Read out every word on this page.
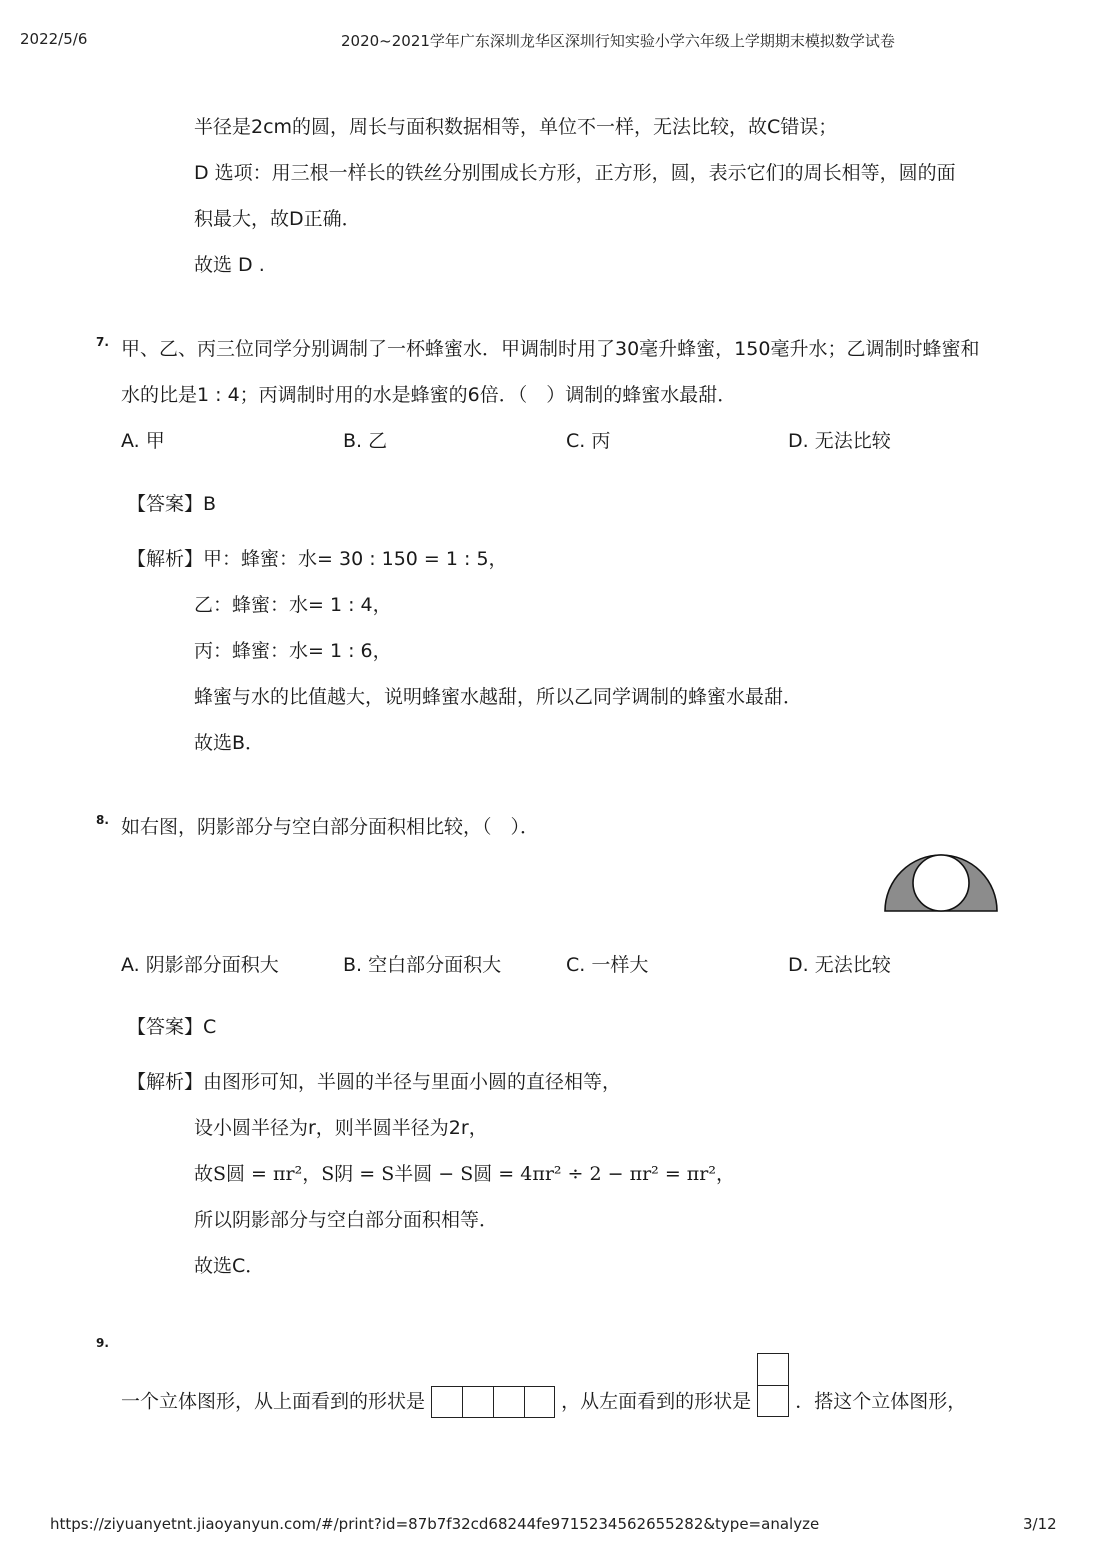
2022/5/6	2020~2021学年广东深圳龙华区深圳行知实验小学六年级上学期期末模拟数学试卷
半径是2cm的圆，周长与面积数据相等，单位不一样，无法比较，故C错误；
D 选项：用三根一样长的铁丝分别围成长方形，正方形，圆，表示它们的周长相等，圆的面
积最大，故D正确．
故选 D .
7. 甲、乙、丙三位同学分别调制了一杯蜂蜜水．甲调制时用了30毫升蜂蜜，150毫升水；乙调制时蜂蜜和
水的比是1 : 4；丙调制时用的水是蜂蜜的6倍．（　）调制的蜂蜜水最甜．
A. 甲	B. 乙	C. 丙	D. 无法比较
【答案】B
【解析】甲：蜂蜜：水= 30 : 150 = 1 : 5，
乙：蜂蜜：水= 1 : 4，
丙：蜂蜜：水= 1 : 6，
蜂蜜与水的比值越大，说明蜂蜜水越甜，所以乙同学调制的蜂蜜水最甜．
故选B．
8. 如右图，阴影部分与空白部分面积相比较，（　）．
A. 阴影部分面积大	B. 空白部分面积大	C. 一样大	D. 无法比较
【答案】C
【解析】由图形可知，半圆的半径与里面小圆的直径相等，
设小圆半径为r，则半圆半径为2r，
故S圆 = πr²，S阴 = S半圆 − S圆 = 4πr² ÷ 2 − πr² = πr²，
所以阴影部分与空白部分面积相等．
故选C．
9.
一个立体图形，从上面看到的形状是	，从左面看到的形状是 ．搭这个立体图形，
https://ziyuanyetnt.jiaoyanyun.com/#/print?id=87b7f32cd68244fe9715234562655282&type=analyze	3/12
